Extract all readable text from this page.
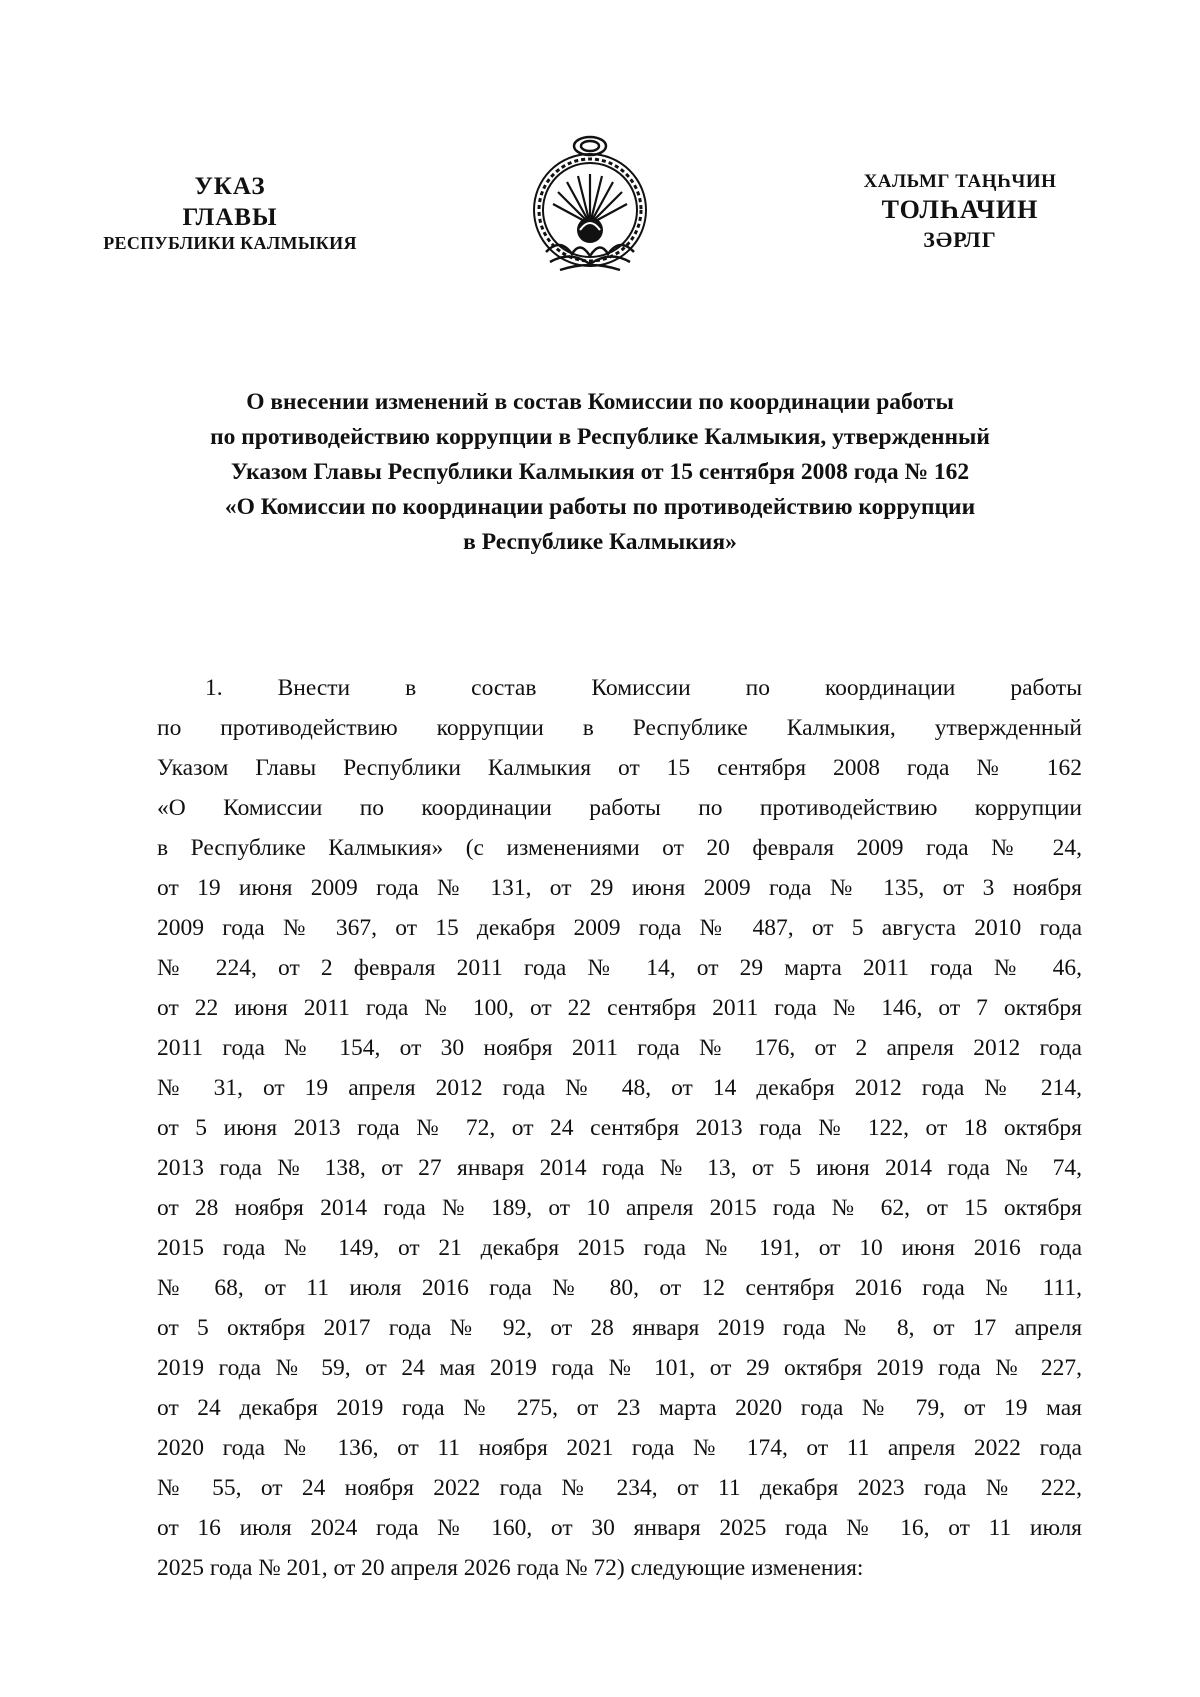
УКАЗ
ГЛАВЫ
РЕСПУБЛИКИ КАЛМЫКИЯ
ХАЛЬМГ ТАҢҺЧИН
ТОЛҺАЧИН
ЗӘРЛГ
О внесении изменений в состав Комиссии по координации работы
по противодействию коррупции в Республике Калмыкия, утвержденный
Указом Главы Республики Калмыкия от 15 сентября 2008 года № 162
«О Комиссии по координации работы по противодействию коррупции
в Республике Калмыкия»
1. Внести в состав Комиссии по координации работы
по противодействию коррупции в Республике Калмыкия, утвержденный
Указом Главы Республики Калмыкия от 15 сентября 2008 года № 162
«О Комиссии по координации работы по противодействию коррупции
в Республике Калмыкия» (с изменениями от 20 февраля 2009 года № 24,
от 19 июня 2009 года № 131, от 29 июня 2009 года № 135, от 3 ноября
2009 года № 367, от 15 декабря 2009 года № 487, от 5 августа 2010 года
№ 224, от 2 февраля 2011 года № 14, от 29 марта 2011 года № 46,
от 22 июня 2011 года № 100, от 22 сентября 2011 года № 146, от 7 октября
2011 года № 154, от 30 ноября 2011 года № 176, от 2 апреля 2012 года
№ 31, от 19 апреля 2012 года № 48, от 14 декабря 2012 года № 214,
от 5 июня 2013 года № 72, от 24 сентября 2013 года № 122, от 18 октября
2013 года № 138, от 27 января 2014 года № 13, от 5 июня 2014 года № 74,
от 28 ноября 2014 года № 189, от 10 апреля 2015 года № 62, от 15 октября
2015 года № 149, от 21 декабря 2015 года № 191, от 10 июня 2016 года
№ 68, от 11 июля 2016 года № 80, от 12 сентября 2016 года № 111,
от 5 октября 2017 года № 92, от 28 января 2019 года № 8, от 17 апреля
2019 года № 59, от 24 мая 2019 года № 101, от 29 октября 2019 года № 227,
от 24 декабря 2019 года № 275, от 23 марта 2020 года № 79, от 19 мая
2020 года № 136, от 11 ноября 2021 года № 174, от 11 апреля 2022 года
№ 55, от 24 ноября 2022 года № 234, от 11 декабря 2023 года № 222,
от 16 июля 2024 года № 160, от 30 января 2025 года № 16, от 11 июля
2025 года № 201, от 20 апреля 2026 года № 72) следующие изменения:
